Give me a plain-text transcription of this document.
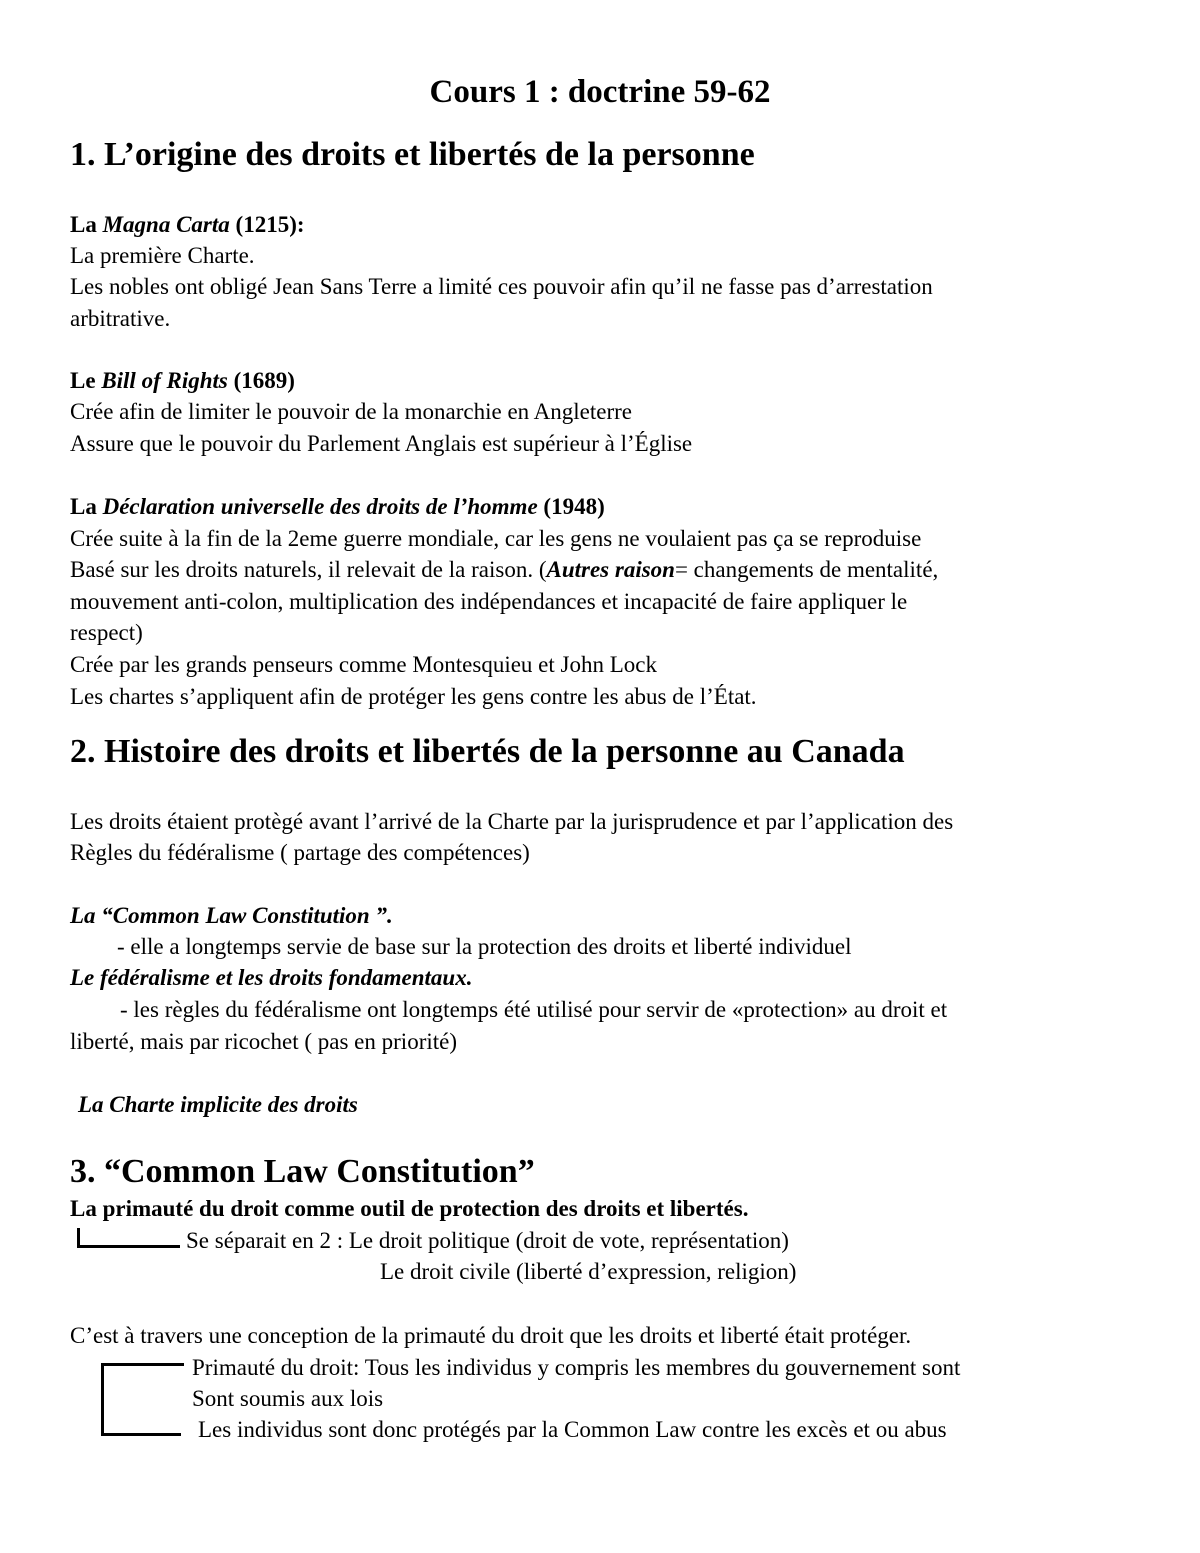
Cours 1 : doctrine 59-62
1. L’origine des droits et libertés de la personne
La Magna Carta (1215):
La première Charte.
Les nobles ont obligé Jean Sans Terre a limité ces pouvoir afin qu’il ne fasse pas d’arrestation
arbitrative.
Le Bill of Rights (1689)
Crée afin de limiter le pouvoir de la monarchie en Angleterre
Assure que le pouvoir du Parlement Anglais est supérieur à l’Église
La Déclaration universelle des droits de l’homme (1948)
Crée suite à la fin de la 2eme guerre mondiale, car les gens ne voulaient pas ça se reproduise
Basé sur les droits naturels, il relevait de la raison. (Autres raison= changements de mentalité,
mouvement anti-colon, multiplication des indépendances et incapacité de faire appliquer le
respect)
Crée par les grands penseurs comme Montesquieu et John Lock
Les chartes s’appliquent afin de protéger les gens contre les abus de l’État.
2. Histoire des droits et libertés de la personne au Canada
Les droits étaient protègé avant l’arrivé de la Charte par la jurisprudence et par l’application des
Règles du fédéralisme ( partage des compétences)
La “Common Law Constitution ”.
- elle a longtemps servie de base sur la protection des droits et liberté individuel
Le fédéralisme et les droits fondamentaux.
- les règles du fédéralisme ont longtemps été utilisé pour servir de «protection» au droit et
liberté, mais par ricochet ( pas en priorité)
La Charte implicite des droits
3. “Common Law Constitution”
La primauté du droit comme outil de protection des droits et libertés.
Se séparait en 2 : Le droit politique (droit de vote, représentation)
Le droit civile (liberté d’expression, religion)
C’est à travers une conception de la primauté du droit que les droits et liberté était protéger.
Primauté du droit: Tous les individus y compris les membres du gouvernement sont
Sont soumis aux lois
Les individus sont donc protégés par la Common Law contre les excès et ou abus
